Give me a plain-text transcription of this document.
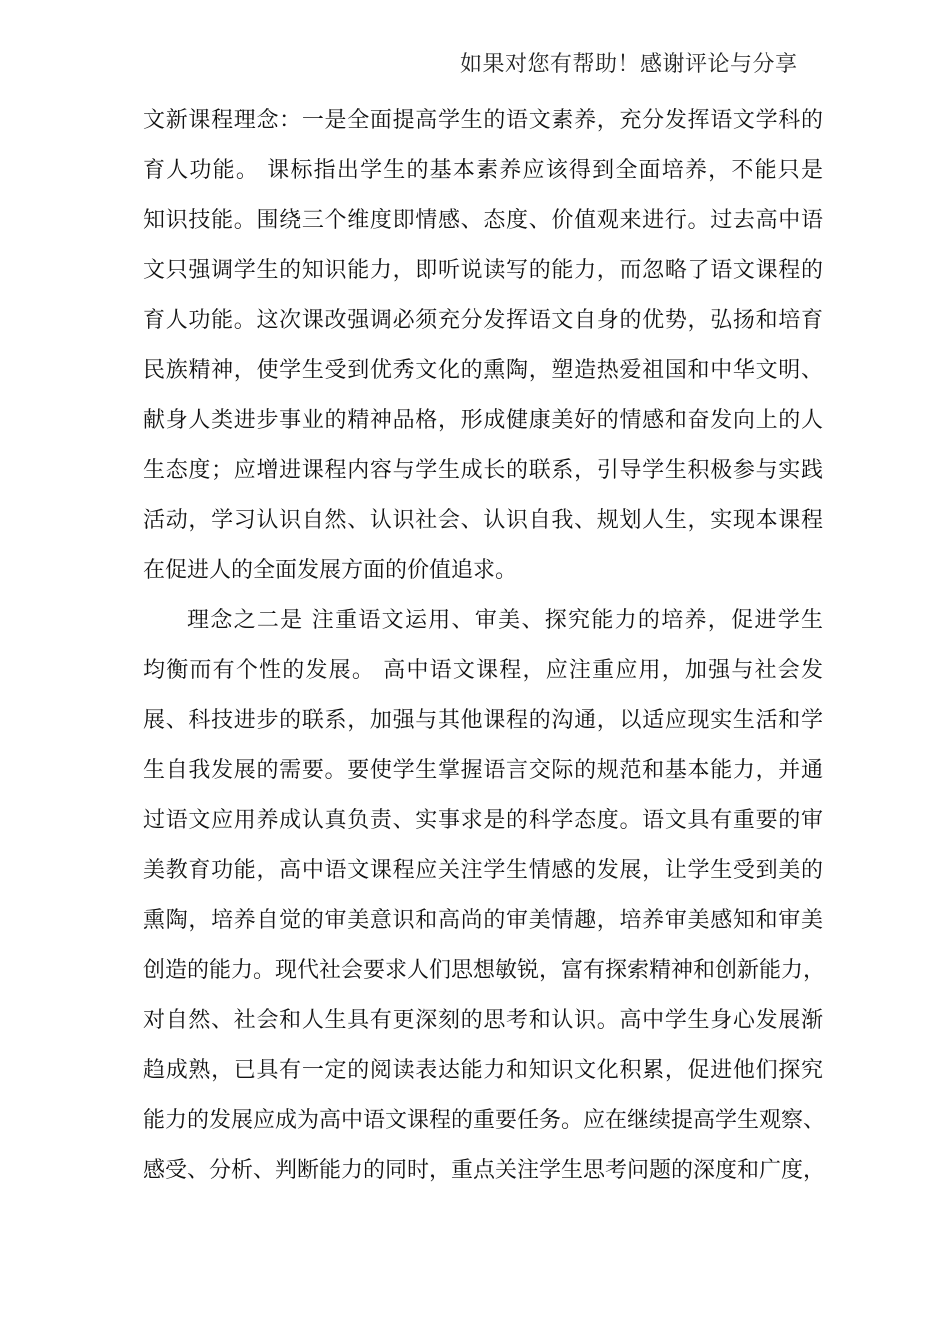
如果对您有帮助！感谢评论与分享
文新课程理念：一是全面提高学生的语文素养，充分发挥语文学科的
育人功能。 课标指出学生的基本素养应该得到全面培养，不能只是
知识技能。围绕三个维度即情感、态度、价值观来进行。过去高中语
文只强调学生的知识能力，即听说读写的能力，而忽略了语文课程的
育人功能。这次课改强调必须充分发挥语文自身的优势，弘扬和培育
民族精神，使学生受到优秀文化的熏陶，塑造热爱祖国和中华文明、
献身人类进步事业的精神品格，形成健康美好的情感和奋发向上的人
生态度；应增进课程内容与学生成长的联系，引导学生积极参与实践
活动，学习认识自然、认识社会、认识自我、规划人生，实现本课程
在促进人的全面发展方面的价值追求。
理念之二是 注重语文运用、审美、探究能力的培养，促进学生
均衡而有个性的发展。 高中语文课程，应注重应用，加强与社会发
展、科技进步的联系，加强与其他课程的沟通，以适应现实生活和学
生自我发展的需要。要使学生掌握语言交际的规范和基本能力，并通
过语文应用养成认真负责、实事求是的科学态度。语文具有重要的审
美教育功能，高中语文课程应关注学生情感的发展，让学生受到美的
熏陶，培养自觉的审美意识和高尚的审美情趣，培养审美感知和审美
创造的能力。现代社会要求人们思想敏锐，富有探索精神和创新能力，
对自然、社会和人生具有更深刻的思考和认识。高中学生身心发展渐
趋成熟，已具有一定的阅读表达能力和知识文化积累，促进他们探究
能力的发展应成为高中语文课程的重要任务。应在继续提高学生观察、
感受、分析、判断能力的同时，重点关注学生思考问题的深度和广度，
